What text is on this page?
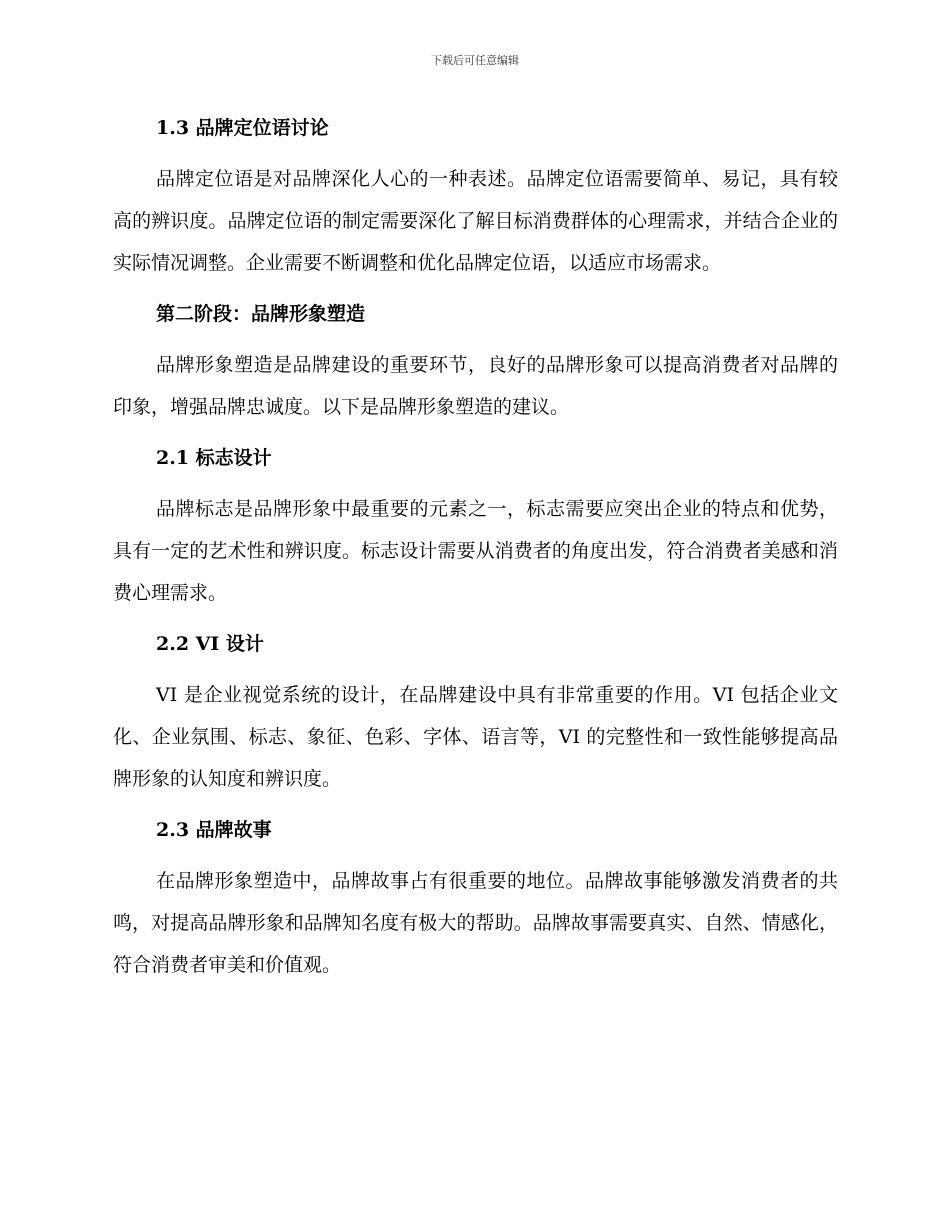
下载后可任意编辑
1.3 品牌定位语讨论

品牌定位语是对品牌深化人心的一种表述。品牌定位语需要简单、易记，具有较高的辨识度。品牌定位语的制定需要深化了解目标消费群体的心理需求，并结合企业的实际情况调整。企业需要不断调整和优化品牌定位语，以适应市场需求。

第二阶段：品牌形象塑造

品牌形象塑造是品牌建设的重要环节，良好的品牌形象可以提高消费者对品牌的印象，增强品牌忠诚度。以下是品牌形象塑造的建议。

2.1 标志设计

品牌标志是品牌形象中最重要的元素之一，标志需要应突出企业的特点和优势，具有一定的艺术性和辨识度。标志设计需要从消费者的角度出发，符合消费者美感和消费心理需求。

2.2 VI 设计

VI 是企业视觉系统的设计，在品牌建设中具有非常重要的作用。VI 包括企业文化、企业氛围、标志、象征、色彩、字体、语言等，VI 的完整性和一致性能够提高品牌形象的认知度和辨识度。

2.3 品牌故事

在品牌形象塑造中，品牌故事占有很重要的地位。品牌故事能够激发消费者的共鸣，对提高品牌形象和品牌知名度有极大的帮助。品牌故事需要真实、自然、情感化，符合消费者审美和价值观。
